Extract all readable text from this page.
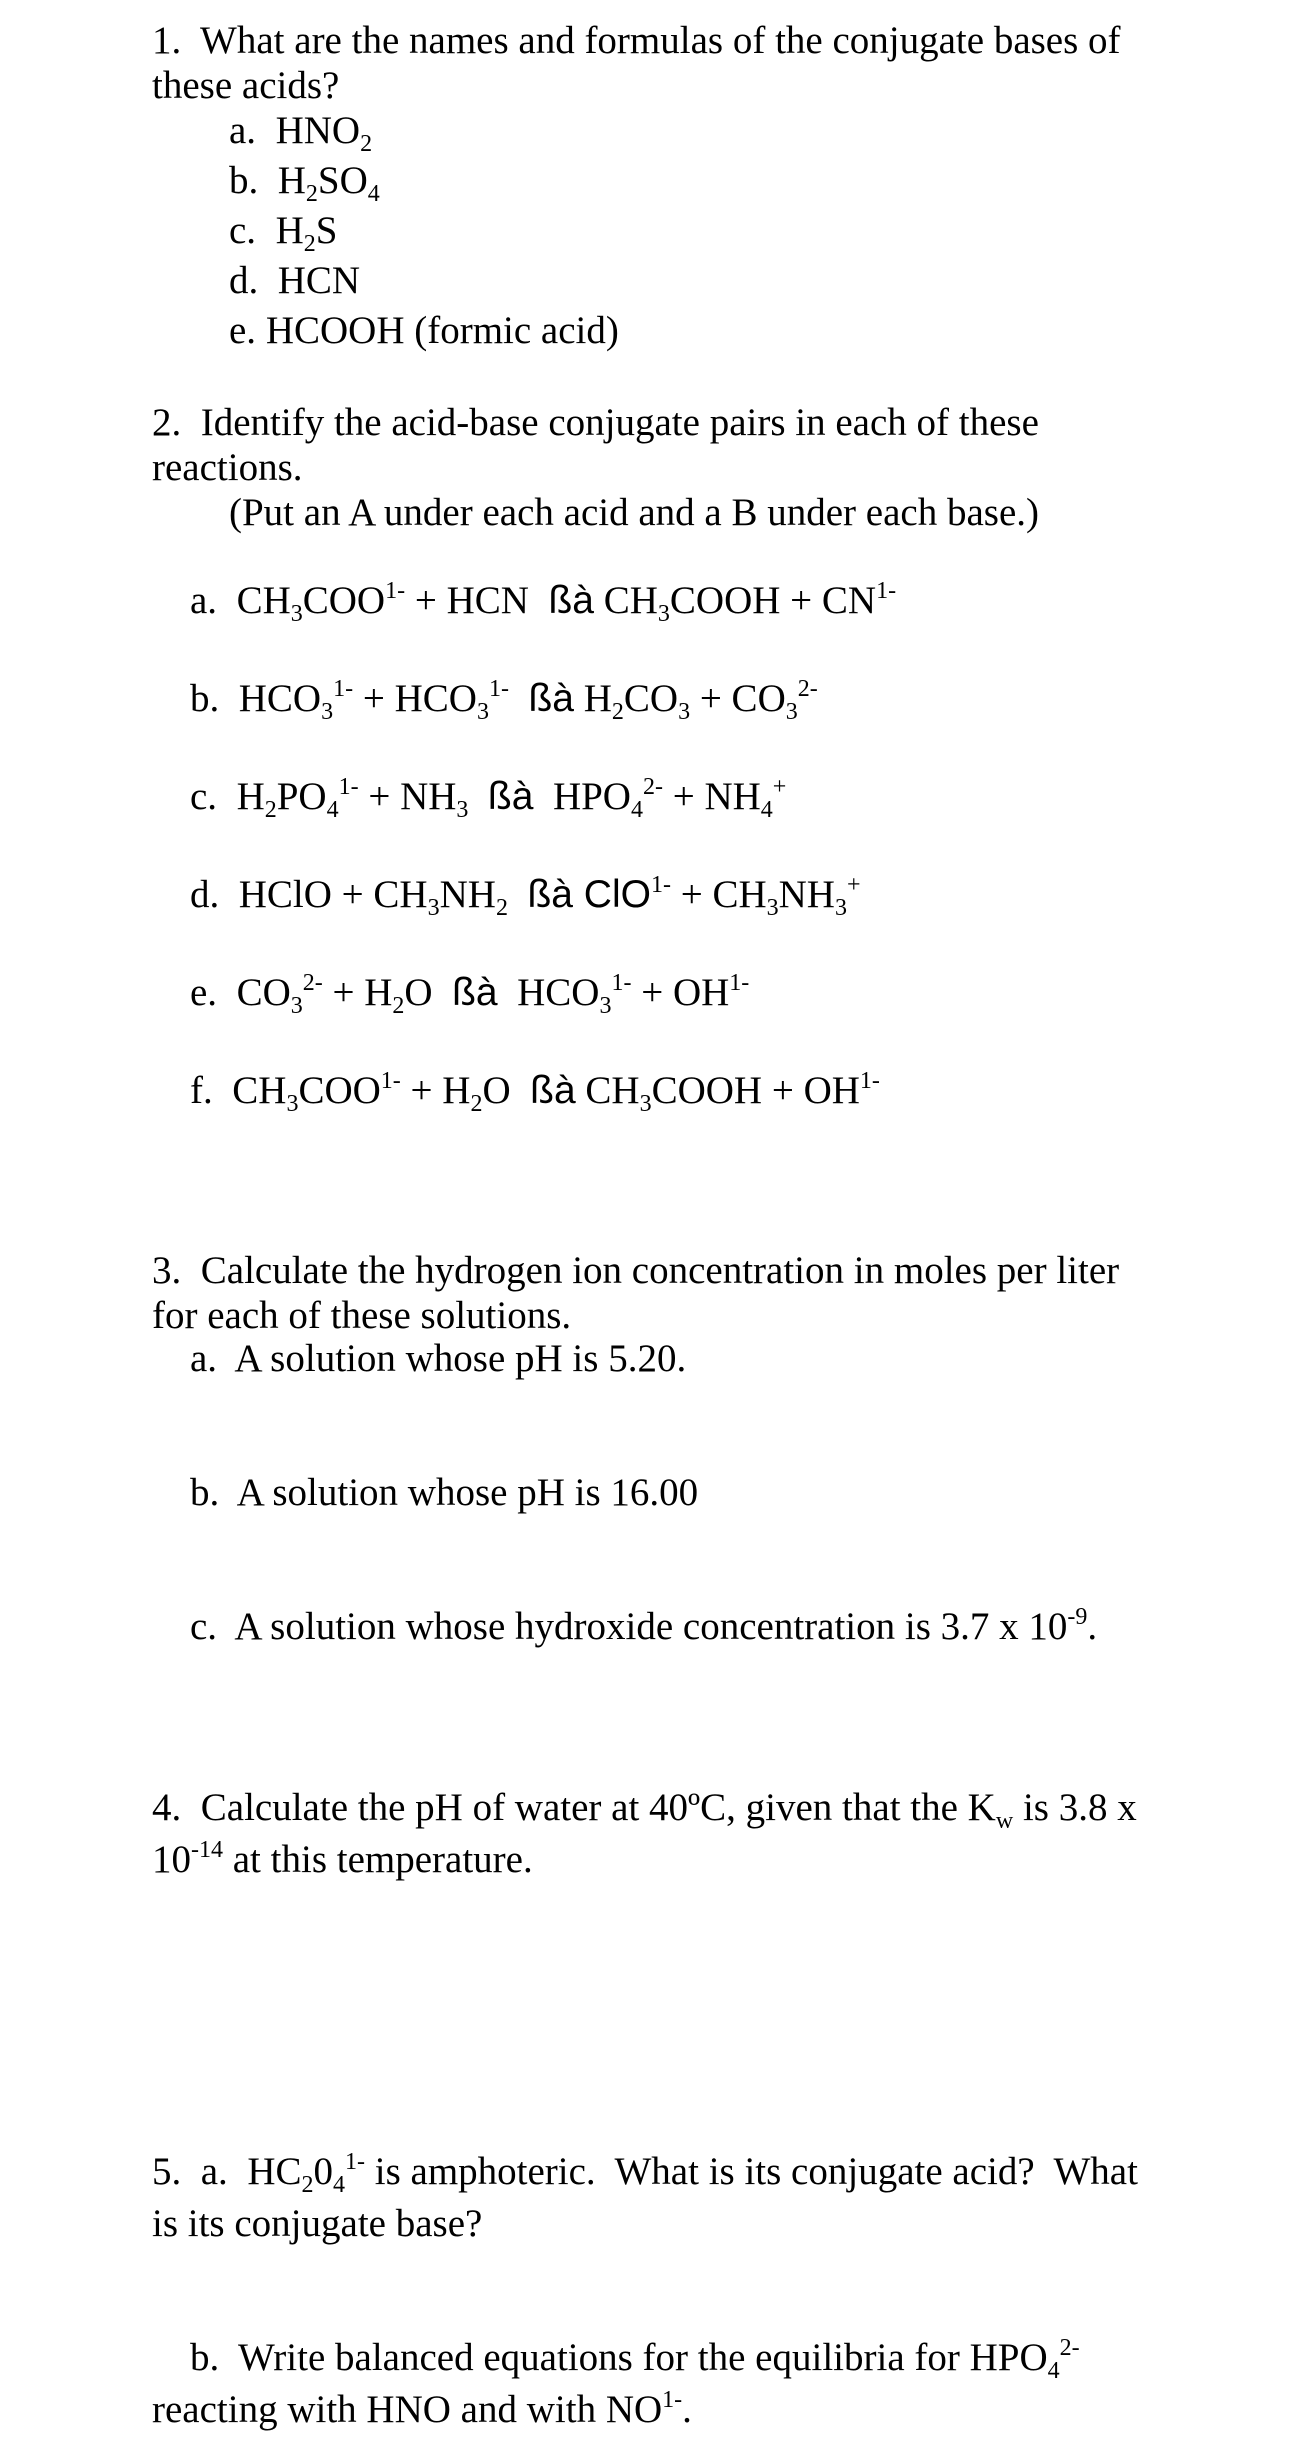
1. What are the names and formulas of the conjugate bases of
these acids?
a. $HNO_2$
b. $H_2SO_4$
c. $H_2S$
d. HCN
e. HCOOH (formic acid)
2. Identify the acid-base conjugate pairs in each of these
reactions.
(Put an A under each acid and a B under each base.)
a. $CH_3COO^{1-}$ + HCN  ßà $CH_3COOH + CN^{1-}$
b. $HCO_3^{1-} + HCO_3^{1-}$ ßà $H_2CO_3 + CO_3^{2-}$
c. $H_2PO_4^{1-} + NH_3$ ßà  $HPO_4^{2-} + NH_4^+$
d. HClO + $CH_3NH_2$ ßà $ClO^{1-} + CH_3NH_3^+$
e. $CO_3^{2-} + H_2O$  ßà  $HCO_3^{1-} + OH^{1-}$
f. $CH_3COO^{1-} + H_2O$  ßà $CH_3COOH + OH^{1-}$
3. Calculate the hydrogen ion concentration in moles per liter
for each of these solutions.
a. A solution whose pH is 5.20.
b. A solution whose pH is 16.00
c. A solution whose hydroxide concentration is 3.7 x $10^{-9}$.
4. Calculate the pH of water at 40ºC, given that the $K_w$ is 3.8 x
$10^{-14}$ at this temperature.
5. a. $HC_20_4^{1-}$ is amphoteric.  What is its conjugate acid?  What
is its conjugate base?
b. Write balanced equations for the equilibria for $HPO_4^{2-}$
reacting with HNO and with $NO^{1-}$.
